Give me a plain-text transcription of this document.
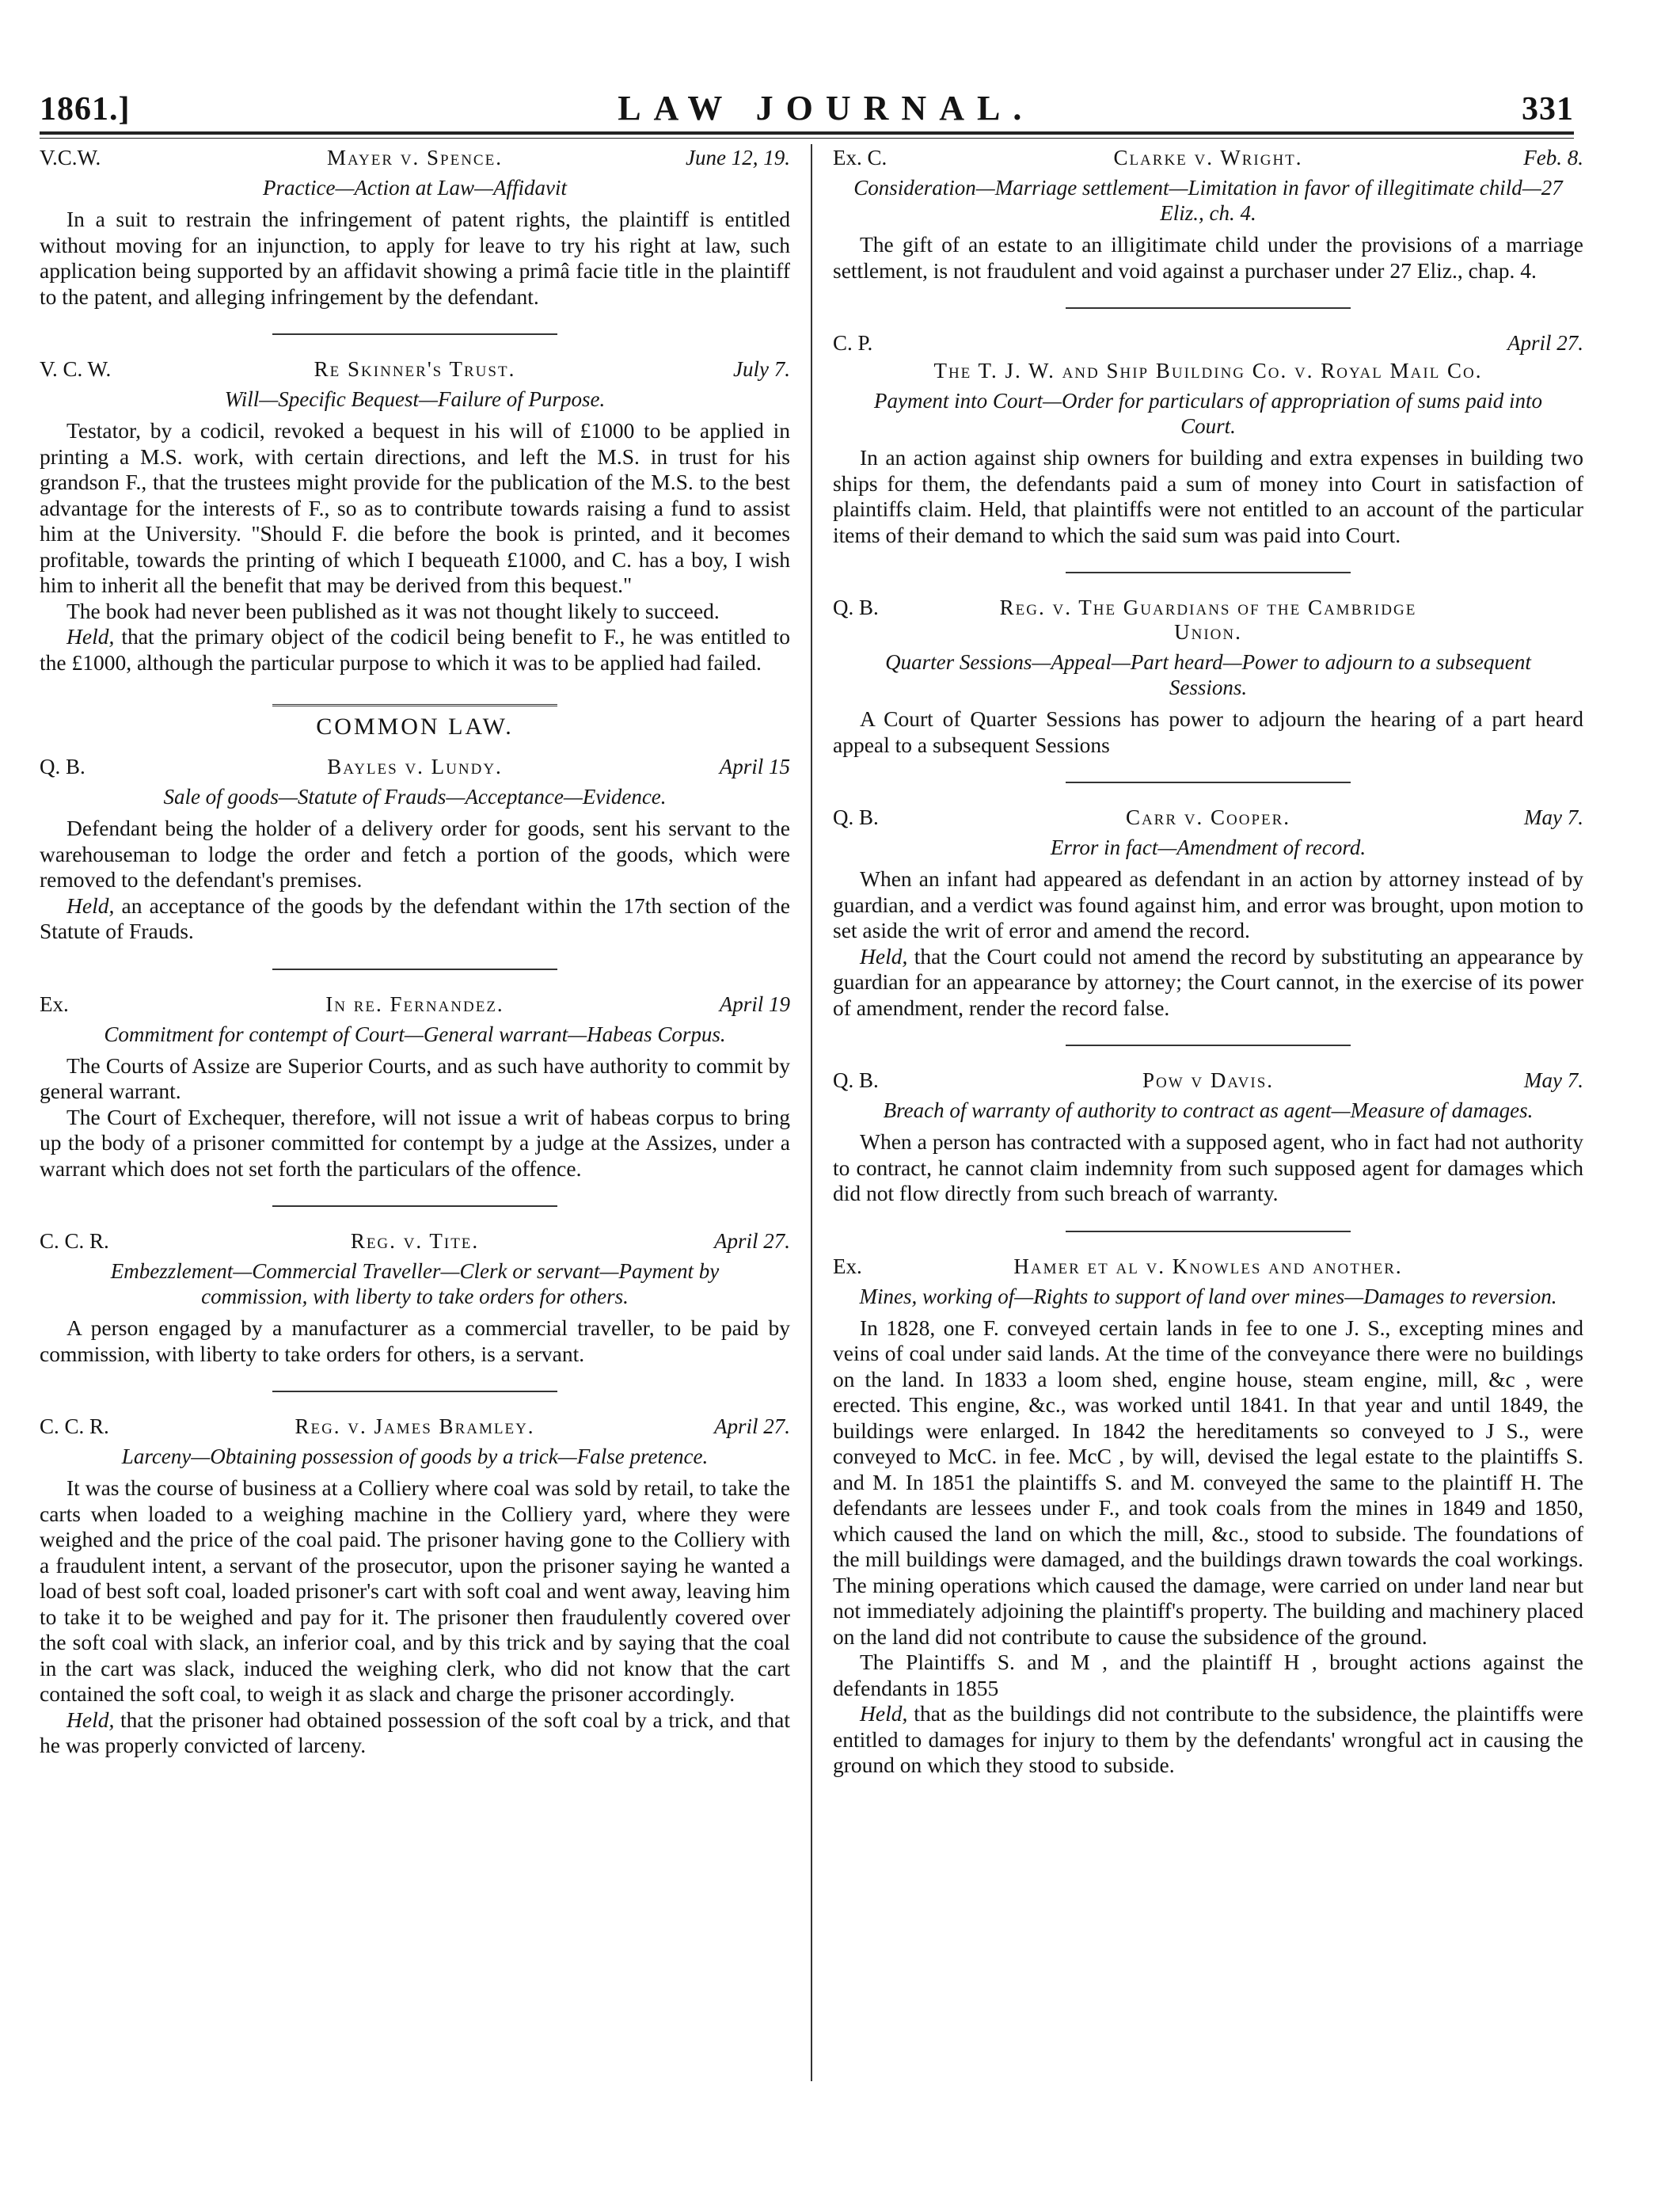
1861.]	LAW JOURNAL.	331
V.C.W.	Mayer v. Spence.	June 12, 19.
Practice—Action at Law—Affidavit

In a suit to restrain the infringement of patent rights, the plaintiff is entitled without moving for an injunction, to apply for leave to try his right at law, such application being supported by an affidavit showing a primâ facie title in the plaintiff to the patent, and alleging infringement by the defendant.

V. C. W.	Re Skinner's Trust.	July 7.
Will—Specific Bequest—Failure of Purpose.

Testator, by a codicil, revoked a bequest in his will of £1000 to be applied in printing a M.S. work, with certain directions, and left the M.S. in trust for his grandson F., that the trustees might provide for the publication of the M.S. to the best advantage for the interests of F., so as to contribute towards raising a fund to assist him at the University. "Should F. die before the book is printed, and it becomes profitable, towards the printing of which I bequeath £1000, and C. has a boy, I wish him to inherit all the benefit that may be derived from this bequest."

The book had never been published as it was not thought likely to succeed.

Held, that the primary object of the codicil being benefit to F., he was entitled to the £1000, although the particular purpose to which it was to be applied had failed.

COMMON LAW.
Q. B.	Bayles v. Lundy.	April 15
Sale of goods—Statute of Frauds—Acceptance—Evidence.

Defendant being the holder of a delivery order for goods, sent his servant to the warehouseman to lodge the order and fetch a portion of the goods, which were removed to the defendant's premises.

Held, an acceptance of the goods by the defendant within the 17th section of the Statute of Frauds.

Ex.	In re. Fernandez.	April 19
Commitment for contempt of Court—General warrant—Habeas Corpus.

The Courts of Assize are Superior Courts, and as such have authority to commit by general warrant.

The Court of Exchequer, therefore, will not issue a writ of habeas corpus to bring up the body of a prisoner committed for contempt by a judge at the Assizes, under a warrant which does not set forth the particulars of the offence.

C. C. R.	Reg. v. Tite.	April 27.
Embezzlement—Commercial Traveller—Clerk or servant—Payment by commission, with liberty to take orders for others.

A person engaged by a manufacturer as a commercial traveller, to be paid by commission, with liberty to take orders for others, is a servant.

C. C. R.	Reg. v. James Bramley.	April 27.
Larceny—Obtaining possession of goods by a trick—False pretence.

It was the course of business at a Colliery where coal was sold by retail, to take the carts when loaded to a weighing machine in the Colliery yard, where they were weighed and the price of the coal paid. The prisoner having gone to the Colliery with a fraudulent intent, a servant of the prosecutor, upon the prisoner saying he wanted a load of best soft coal, loaded prisoner's cart with soft coal and went away, leaving him to take it to be weighed and pay for it. The prisoner then fraudulently covered over the soft coal with slack, an inferior coal, and by this trick and by saying that the coal in the cart was slack, induced the weighing clerk, who did not know that the cart contained the soft coal, to weigh it as slack and charge the prisoner accordingly.

Held, that the prisoner had obtained possession of the soft coal by a trick, and that he was properly convicted of larceny.

Ex. C.	Clarke v. Wright.	Feb. 8.
Consideration—Marriage settlement—Limitation in favor of illegitimate child—27 Eliz., ch. 4.

The gift of an estate to an illigitimate child under the provisions of a marriage settlement, is not fraudulent and void against a purchaser under 27 Eliz., chap. 4.

C. P.	April 27.
The T. J. W. and Ship Building Co. v. Royal Mail Co.
Payment into Court—Order for particulars of appropriation of sums paid into Court.

In an action against ship owners for building and extra expenses in building two ships for them, the defendants paid a sum of money into Court in satisfaction of plaintiffs claim. Held, that plaintiffs were not entitled to an account of the particular items of their demand to which the said sum was paid into Court.

Q. B.	Reg. v. The Guardians of the Cambridge Union.
Quarter Sessions—Appeal—Part heard—Power to adjourn to a subsequent Sessions.

A Court of Quarter Sessions has power to adjourn the hearing of a part heard appeal to a subsequent Sessions

Q. B.	Carr v. Cooper.	May 7.
Error in fact—Amendment of record.

When an infant had appeared as defendant in an action by attorney instead of by guardian, and a verdict was found against him, and error was brought, upon motion to set aside the writ of error and amend the record.

Held, that the Court could not amend the record by substituting an appearance by guardian for an appearance by attorney; the Court cannot, in the exercise of its power of amendment, render the record false.

Q. B.	Pow v Davis.	May 7.
Breach of warranty of authority to contract as agent—Measure of damages.

When a person has contracted with a supposed agent, who in fact had not authority to contract, he cannot claim indemnity from such supposed agent for damages which did not flow directly from such breach of warranty.

Ex.	Hamer et al v. Knowles and another.
Mines, working of—Rights to support of land over mines—Damages to reversion.

In 1828, one F. conveyed certain lands in fee to one J. S., excepting mines and veins of coal under said lands. At the time of the conveyance there were no buildings on the land. In 1833 a loom shed, engine house, steam engine, mill, &c , were erected. This engine, &c., was worked until 1841. In that year and until 1849, the buildings were enlarged. In 1842 the hereditaments so conveyed to J S., were conveyed to McC. in fee. McC , by will, devised the legal estate to the plaintiffs S. and M. In 1851 the plaintiffs S. and M. conveyed the same to the plaintiff H. The defendants are lessees under F., and took coals from the mines in 1849 and 1850, which caused the land on which the mill, &c., stood to subside. The foundations of the mill buildings were damaged, and the buildings drawn towards the coal workings. The mining operations which caused the damage, were carried on under land near but not immediately adjoining the plaintiff's property. The building and machinery placed on the land did not contribute to cause the subsidence of the ground.

The Plaintiffs S. and M , and the plaintiff H , brought actions against the defendants in 1855

Held, that as the buildings did not contribute to the subsidence, the plaintiffs were entitled to damages for injury to them by the defendants' wrongful act in causing the ground on which they stood to subside.
